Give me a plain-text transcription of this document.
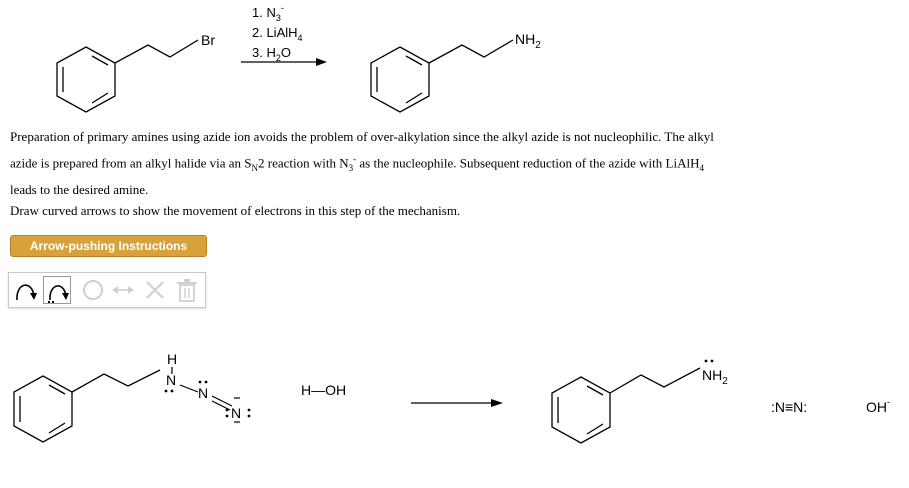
Br
1. $N_3^-$
2. LiAlH$_4$
3. $H_2O$
$NH_2$
Preparation of primary amines using azide ion avoids the problem of over-alkylation since the alkyl azide is not nucleophilic. The alkyl
azide is prepared from an alkyl halide via an $S_N2$ reaction with $N_3^-$ as the nucleophile. Subsequent reduction of the azide with LiAlH$_4$
leads to the desired amine.
Draw curved arrows to show the movement of electrons in this step of the mechanism.
Arrow-pushing Instructions
H
N
N
N
H—OH
$NH_2$
:N≡N:	OH-
